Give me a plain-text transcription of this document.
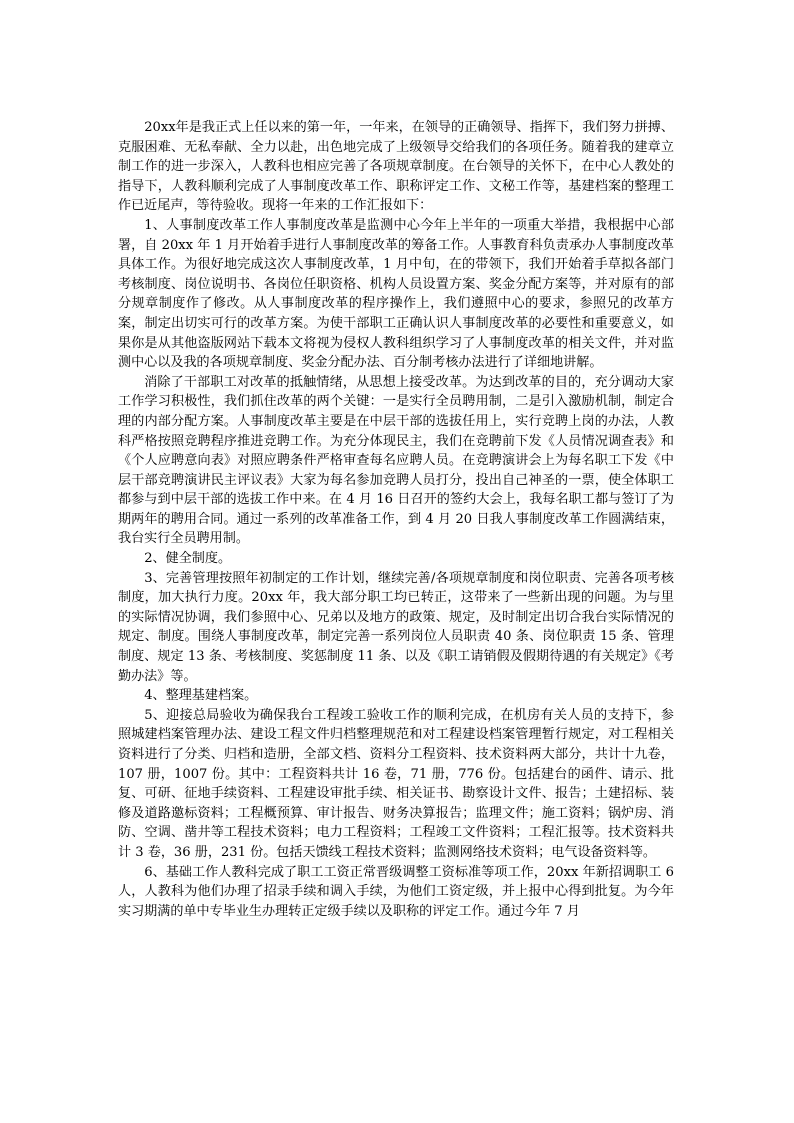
20xx年是我正式上任以来的第一年，一年来，在领导的正确领导、指挥下，我们努力拼搏、克服困难、无私奉献、全力以赴，出色地完成了上级领导交给我们的各项任务。随着我的建章立制工作的进一步深入，人教科也相应完善了各项规章制度。在台领导的关怀下，在中心人教处的指导下，人教科顺利完成了人事制度改革工作、职称评定工作、文秘工作等，基建档案的整理工作已近尾声，等待验收。现将一年来的工作汇报如下：

1、人事制度改革工作人事制度改革是监测中心今年上半年的一项重大举措，我根据中心部署，自 20xx 年 1 月开始着手进行人事制度改革的筹备工作。人事教育科负责承办人事制度改革具体工作。为很好地完成这次人事制度改革，1 月中旬，在的带领下，我们开始着手草拟各部门考核制度、岗位说明书、各岗位任职资格、机构人员设置方案、奖金分配方案等，并对原有的部分规章制度作了修改。从人事制度改革的程序操作上，我们遵照中心的要求，参照兄的改革方案，制定出切实可行的改革方案。为使干部职工正确认识人事制度改革的必要性和重要意义，如果你是从其他盗版网站下载本文将视为侵权人教科组织学习了人事制度改革的相关文件，并对监测中心以及我的各项规章制度、奖金分配办法、百分制考核办法进行了详细地讲解。

消除了干部职工对改革的抵触情绪，从思想上接受改革。为达到改革的目的，充分调动大家工作学习积极性，我们抓住改革的两个关键：一是实行全员聘用制，二是引入激励机制，制定合理的内部分配方案。人事制度改革主要是在中层干部的选拔任用上，实行竞聘上岗的办法，人教科严格按照竞聘程序推进竞聘工作。为充分体现民主，我们在竞聘前下发《人员情况调查表》和《个人应聘意向表》对照应聘条件严格审查每名应聘人员。在竞聘演讲会上为每名职工下发《中层干部竞聘演讲民主评议表》大家为每名参加竞聘人员打分，投出自己神圣的一票，使全体职工都参与到中层干部的选拔工作中来。在 4 月 16 日召开的签约大会上，我每名职工都与签订了为期两年的聘用合同。通过一系列的改革准备工作，到 4 月 20 日我人事制度改革工作圆满结束，我台实行全员聘用制。

2、健全制度。

3、完善管理按照年初制定的工作计划，继续完善/各项规章制度和岗位职责、完善各项考核制度，加大执行力度。20xx 年，我大部分职工均已转正，这带来了一些新出现的问题。为与里的实际情况协调，我们参照中心、兄弟以及地方的政策、规定，及时制定出切合我台实际情况的规定、制度。围绕人事制度改革，制定完善一系列岗位人员职责 40 条、岗位职责 15 条、管理制度、规定 13 条、考核制度、奖惩制度 11 条、以及《职工请销假及假期待遇的有关规定》《考勤办法》等。

4、整理基建档案。

5、迎接总局验收为确保我台工程竣工验收工作的顺利完成，在机房有关人员的支持下，参照城建档案管理办法、建设工程文件归档整理规范和对工程建设档案管理暂行规定，对工程相关资料进行了分类、归档和造册，全部文档、资料分工程资料、技术资料两大部分，共计十九卷，107 册，1007 份。其中：工程资料共计 16 卷，71 册，776 份。包括建台的函件、请示、批复、可研、征地手续资料、工程建设审批手续、相关证书、勘察设计文件、报告；土建招标、装修及道路邀标资料；工程概预算、审计报告、财务决算报告；监理文件；施工资料；锅炉房、消防、空调、凿井等工程技术资料；电力工程资料；工程竣工文件资料；工程汇报等。技术资料共计 3 卷，36 册，231 份。包括天馈线工程技术资料；监测网络技术资料；电气设备资料等。

6、基础工作人教科完成了职工工资正常晋级调整工资标准等项工作，20xx 年新招调职工 6 人，人教科为他们办理了招录手续和调入手续，为他们工资定级，并上报中心得到批复。为今年实习期满的单中专毕业生办理转正定级手续以及职称的评定工作。通过今年 7 月
